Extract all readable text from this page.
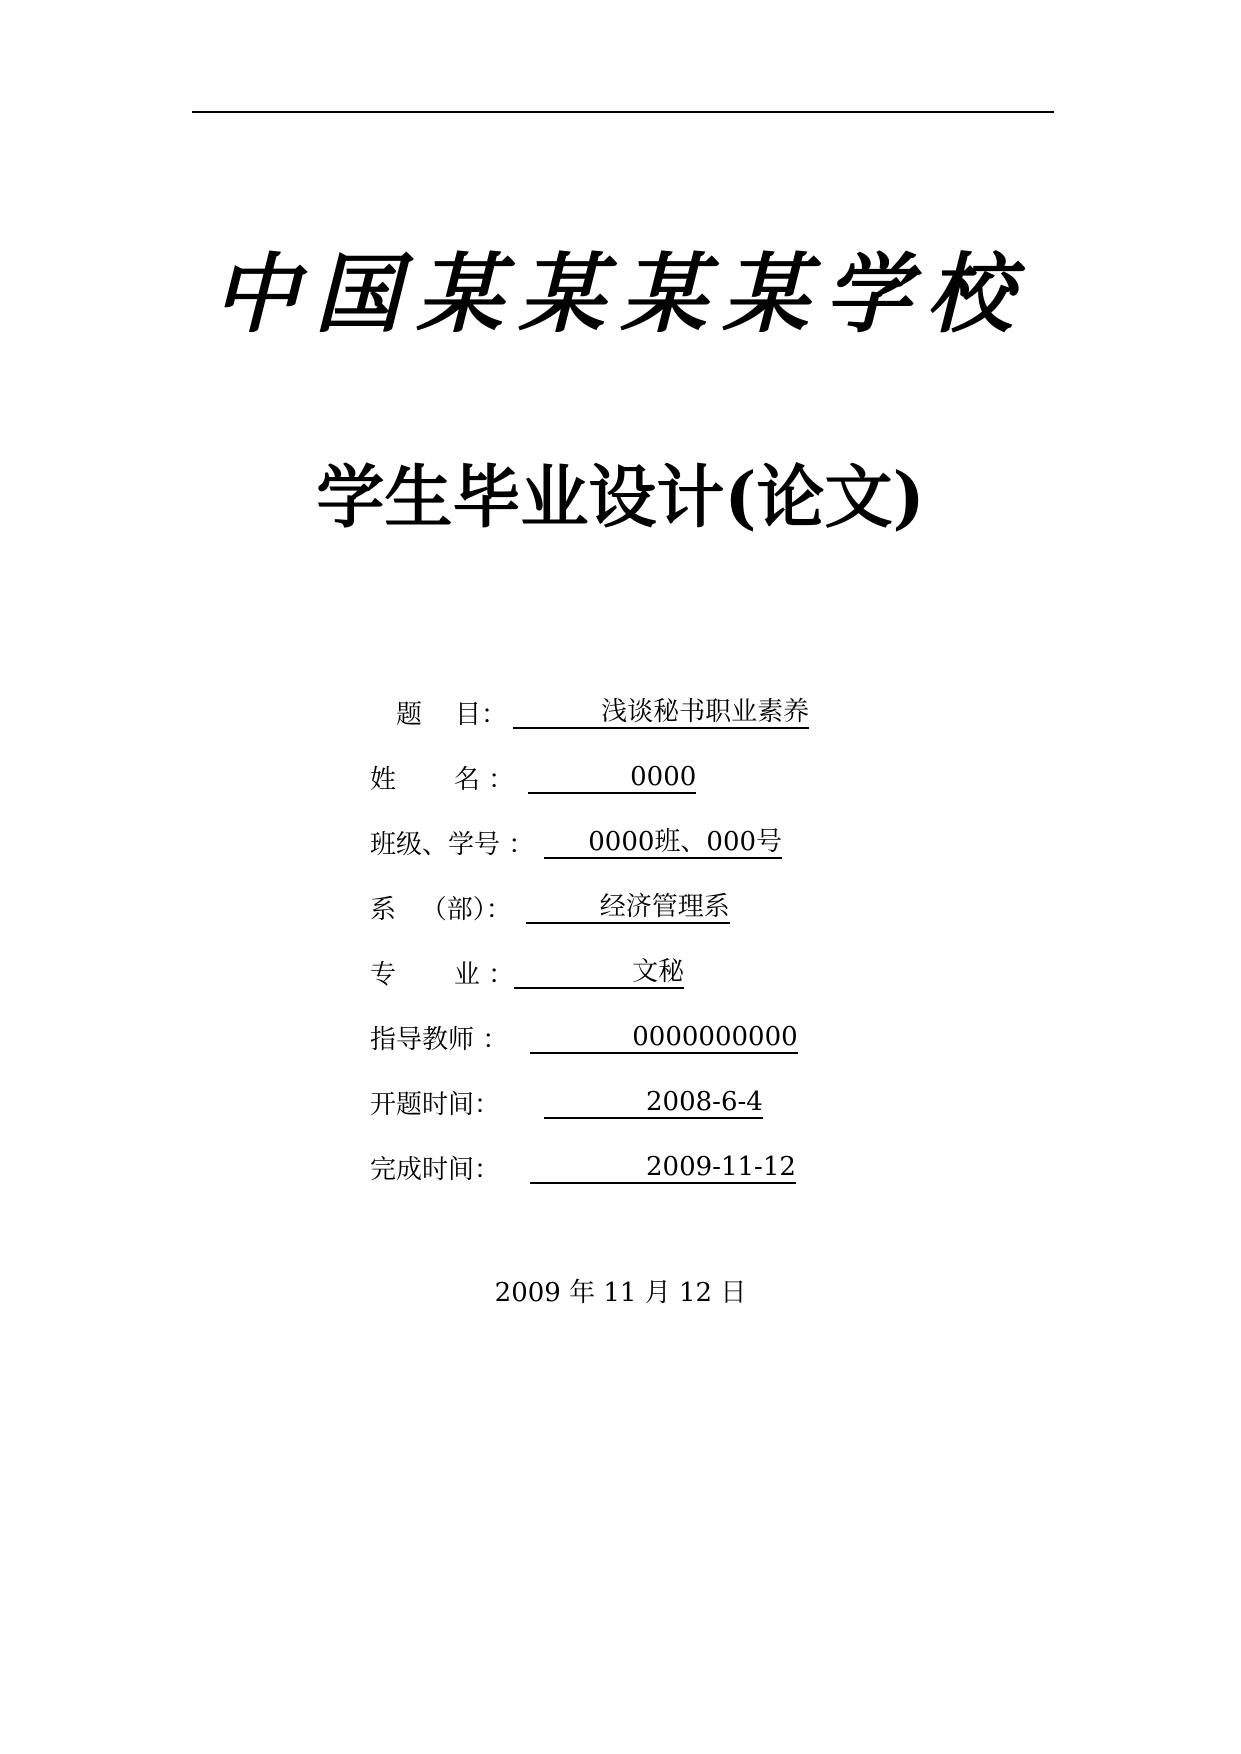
中国某某某某学校
学生毕业设计(论文)
题    目：	浅谈秘书职业素养
姓       名 ：	0000
班级、学号 ：	0000班、000号
系   （部）：	经济管理系
专       业 ：	文秘
指导教师 ：	0000000000
开题时间：	2008-6-4
完成时间：	2009-11-12
2009 年 11 月 12 日
